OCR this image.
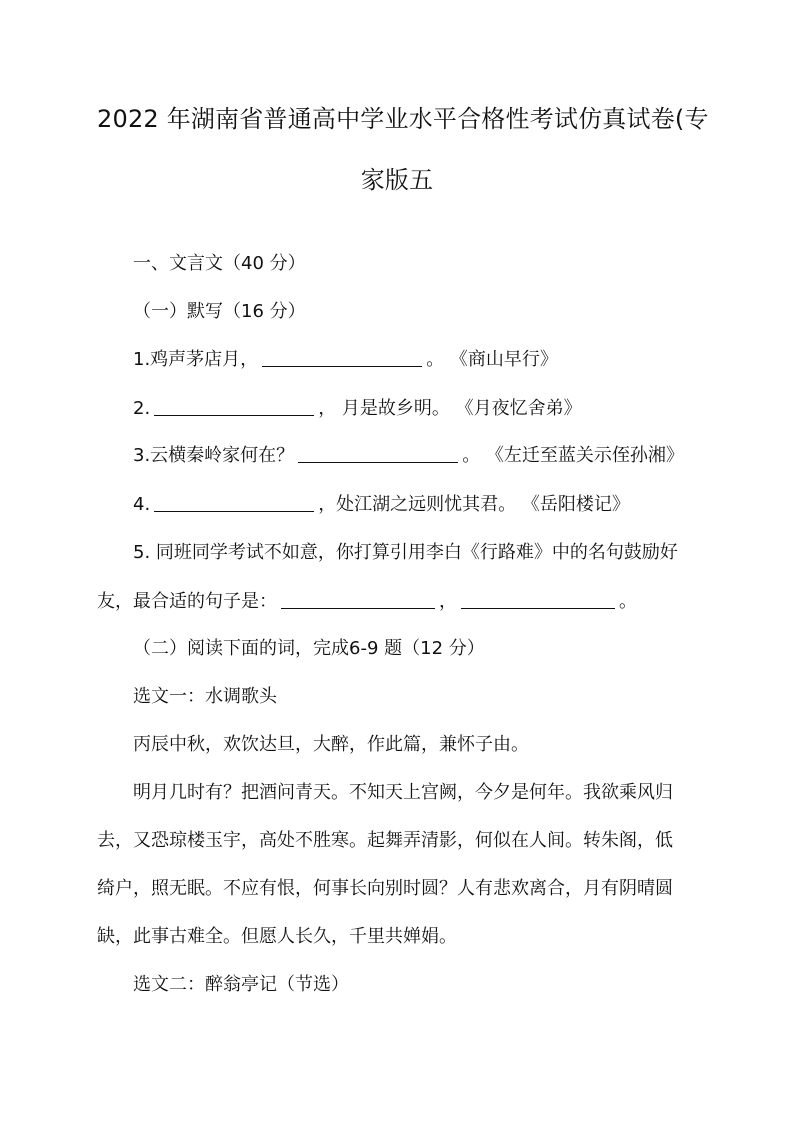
2022 年湖南省普通高中学业水平合格性考试仿真试卷(专
家版五
一、文言文（40 分）
（一）默写（16 分）
1.鸡声茅店月，	。 《商山早行》
2.	， 月是故乡明。 《月夜忆舍弟》
3.云横秦岭家何在？	。 《左迁至蓝关示侄孙湘》
4.	，处江湖之远则忧其君。 《岳阳楼记》
5. 同班同学考试不如意，你打算引用李白《行路难》中的名句鼓励好
友，最合适的句子是：	，	。
（二）阅读下面的词，完成6-9 题（12 分）
选文一：水调歌头
丙辰中秋，欢饮达旦，大醉，作此篇，兼怀子由。
明月几时有？把酒问青天。不知天上宫阙，今夕是何年。我欲乘风归
去，又恐琼楼玉宇，高处不胜寒。起舞弄清影，何似在人间。转朱阁，低
绮户，照无眠。不应有恨，何事长向别时圆？人有悲欢离合，月有阴晴圆
缺，此事古难全。但愿人长久，千里共婵娟。
选文二：醉翁亭记（节选）
